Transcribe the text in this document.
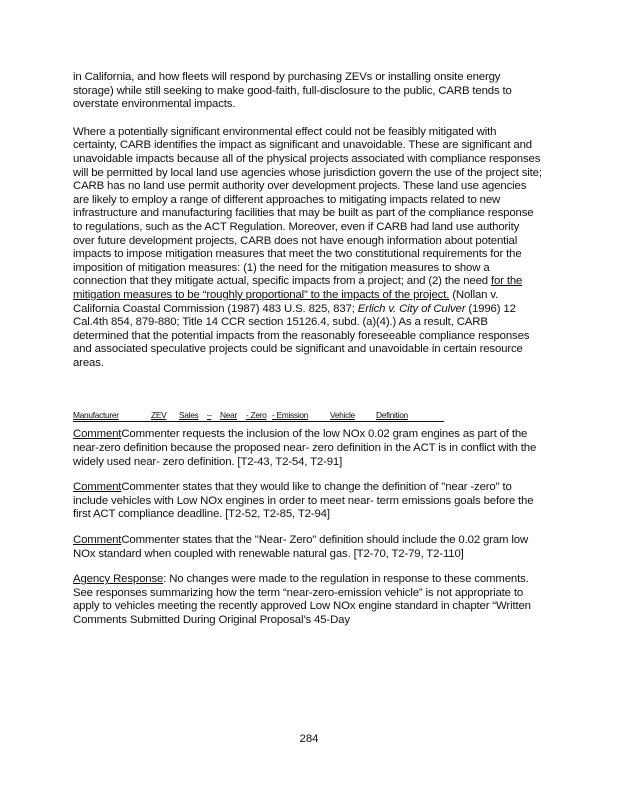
in California, and how fleets will respond by purchasing ZEVs or installing onsite energy storage) while still seeking to make good-faith, full-disclosure to the public, CARB tends to overstate environmental impacts.

Where a potentially significant environmental effect could not be feasibly mitigated with certainty, CARB identifies the impact as significant and unavoidable. These are significant and unavoidable impacts because all of the physical projects associated with compliance responses will be permitted by local land use agencies whose jurisdiction govern the use of the project site; CARB has no land use permit authority over development projects. These land use agencies are likely to employ a range of different approaches to mitigating impacts related to new infrastructure and manufacturing facilities that may be built as part of the compliance response to regulations, such as the ACT Regulation. Moreover, even if CARB had land use authority over future development projects, CARB does not have enough information about potential impacts to impose mitigation measures that meet the two constitutional requirements for the imposition of mitigation measures: (1) the need for the mitigation measures to show a connection that they mitigate actual, specific impacts from a project; and (2) the need for the mitigation measures to be “roughly proportional” to the impacts of the project. (Nollan v. California Coastal Commission (1987) 483 U.S. 825, 837; Erlich v. City of Culver (1996) 12 Cal.4th 854, 879-880; Title 14 CCR section 15126.4, subd. (a)(4).) As a result, CARB determined that the potential impacts from the reasonably foreseeable compliance responses and associated speculative projects could be significant and unavoidable in certain resource areas.

Manufacturer	ZEV	Sales	–	Near	- Zero - Emission	Vehicle	Definition

CommentCommenter requests the inclusion of the low NOx 0.02 gram engines as part of the near-zero definition because the proposed near- zero definition in the ACT is in conflict with the widely used near- zero definition. [T2-43, T2-54, T2-91]

CommentCommenter states that they would like to change the definition of "near -zero" to include vehicles with Low NOx engines in order to meet near- term emissions goals before the first ACT compliance deadline. [T2-52, T2-85, T2-94]

CommentCommenter states that the "Near- Zero" definition should include the 0.02 gram low NOx standard when coupled with renewable natural gas. [T2-70, T2-79, T2-110]

Agency Response: No changes were made to the regulation in response to these comments. See responses summarizing how the term “near-zero-emission vehicle” is not appropriate to apply to vehicles meeting the recently approved Low NOx engine standard in chapter “Written Comments Submitted During Original Proposal’s 45-Day

284
